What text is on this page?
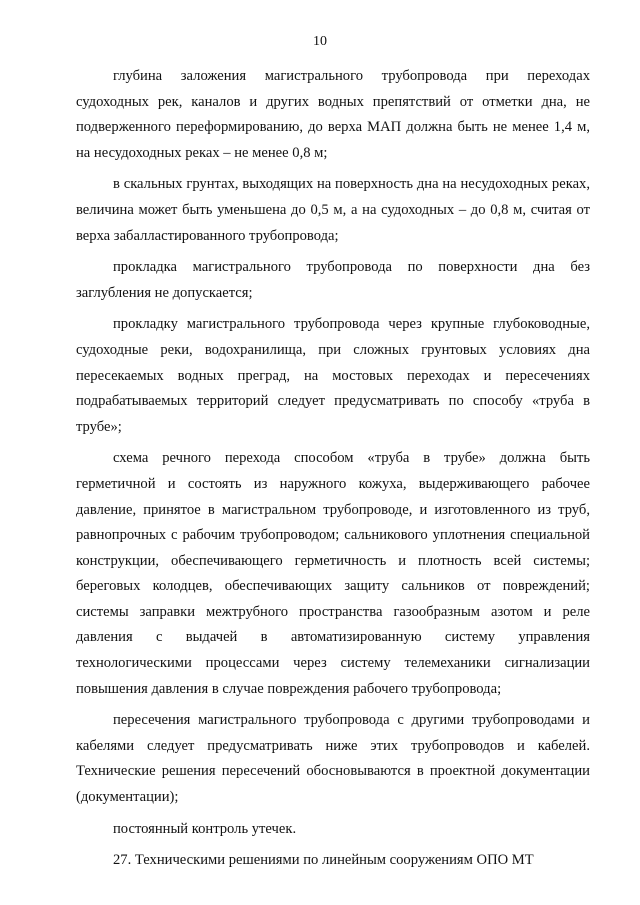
10

глубина заложения магистрального трубопровода при переходах судоходных рек, каналов и других водных препятствий от отметки дна, не подверженного переформированию, до верха МАП должна быть не менее 1,4 м, на несудоходных реках – не менее 0,8 м;

в скальных грунтах, выходящих на поверхность дна на несудоходных реках, величина может быть уменьшена до 0,5 м, а на судоходных – до 0,8 м, считая от верха забалластированного трубопровода;

прокладка магистрального трубопровода по поверхности дна без заглубления не допускается;

прокладку магистрального трубопровода через крупные глубоководные, судоходные реки, водохранилища, при сложных грунтовых условиях дна пересекаемых водных преград, на мостовых переходах и пересечениях подрабатываемых территорий следует предусматривать по способу «труба в трубе»;

схема речного перехода способом «труба в трубе» должна быть герметичной и состоять из наружного кожуха, выдерживающего рабочее давление, принятое в магистральном трубопроводе, и изготовленного из труб, равнопрочных с рабочим трубопроводом; сальникового уплотнения специальной конструкции, обеспечивающего герметичность и плотность всей системы; береговых колодцев, обеспечивающих защиту сальников от повреждений; системы заправки межтрубного пространства газообразным азотом и реле давления с выдачей в автоматизированную систему управления технологическими процессами через систему телемеханики сигнализации повышения давления в случае повреждения рабочего трубопровода;

пересечения магистрального трубопровода с другими трубопроводами и кабелями следует предусматривать ниже этих трубопроводов и кабелей. Технические решения пересечений обосновываются в проектной документации (документации);

постоянный контроль утечек.

27. Техническими решениями по линейным сооружениям ОПО МТ
